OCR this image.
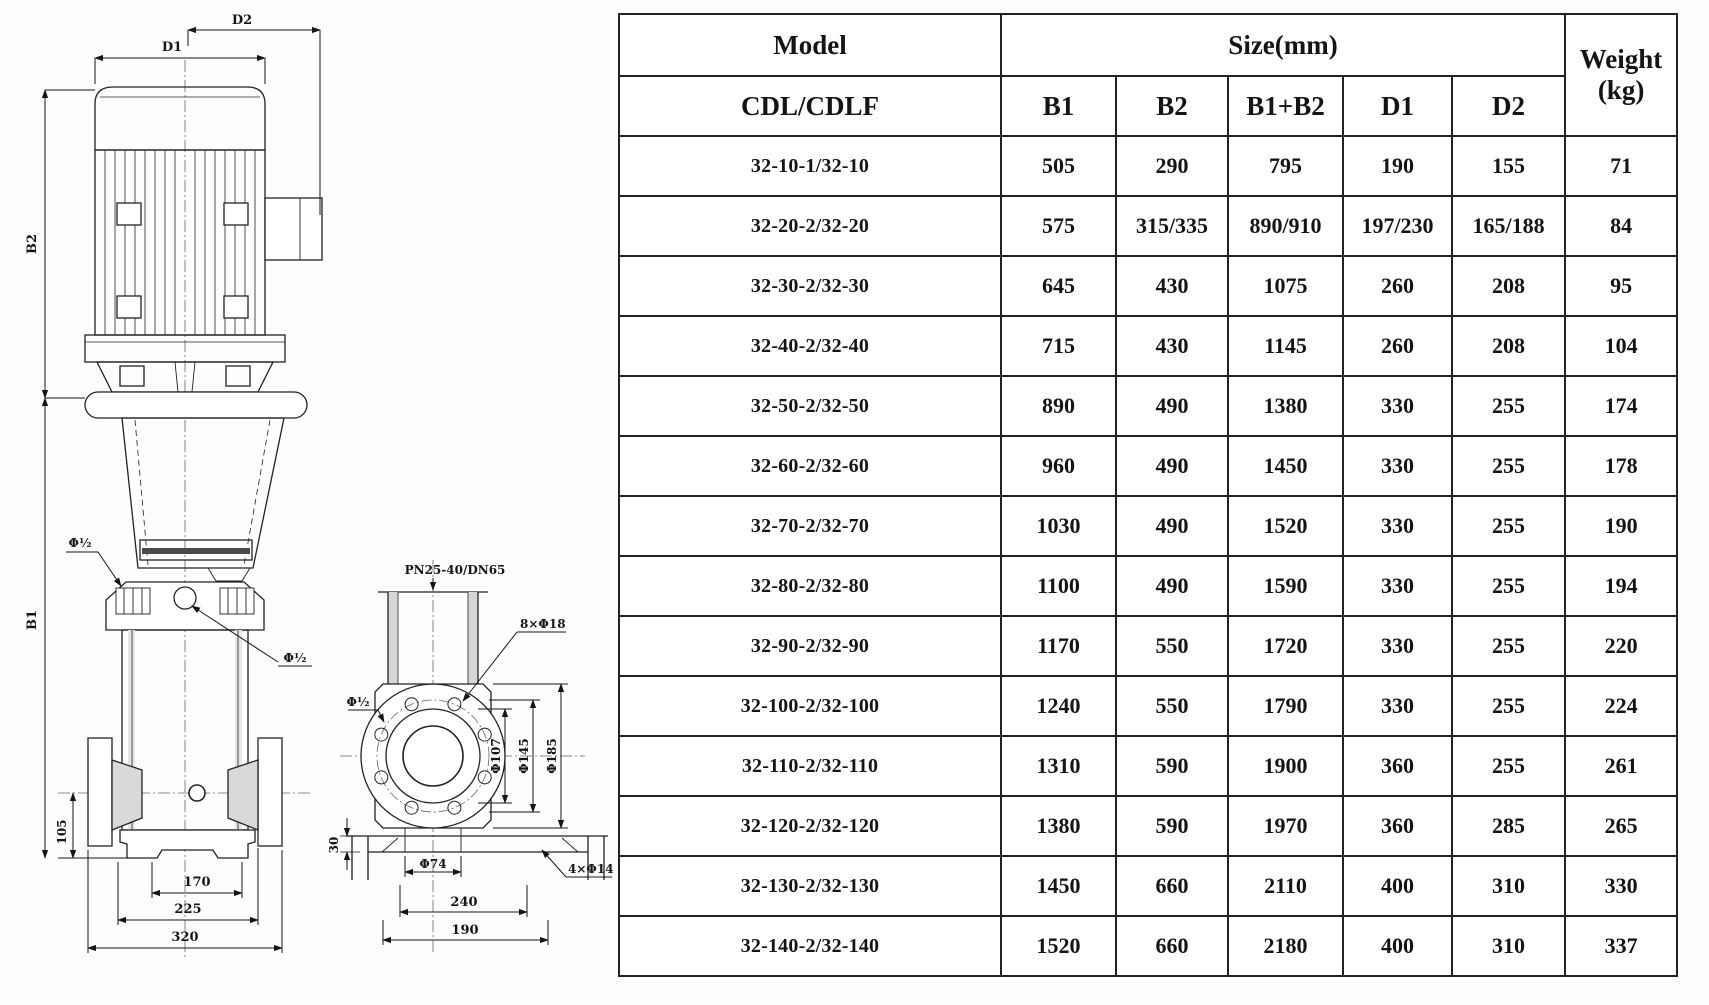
D2
D1
B2
B1
Φ½
Φ½
105
170
225
320
PN25-40/DN65
8×Φ18
Φ½
Φ107 Φ145 Φ185
30
Φ74
240
4×Φ14
190
Model	Size(mm)					Weight
(kg)

CDL/CDLF	B1	B2	B1+B2	D1	D2	
32-10-1/32-10	505	290	795	190	155	71
32-20-2/32-20	575	315/335	890/910	197/230	165/188	84
32-30-2/32-30	645	430	1075	260	208	95
32-40-2/32-40	715	430	1145	260	208	104
32-50-2/32-50	890	490	1380	330	255	174
32-60-2/32-60	960	490	1450	330	255	178
32-70-2/32-70	1030	490	1520	330	255	190
32-80-2/32-80	1100	490	1590	330	255	194
32-90-2/32-90	1170	550	1720	330	255	220
32-100-2/32-100	1240	550	1790	330	255	224
32-110-2/32-110	1310	590	1900	360	255	261
32-120-2/32-120	1380	590	1970	360	285	265
32-130-2/32-130	1450	660	2110	400	310	330
32-140-2/32-140	1520	660	2180	400	310	337
